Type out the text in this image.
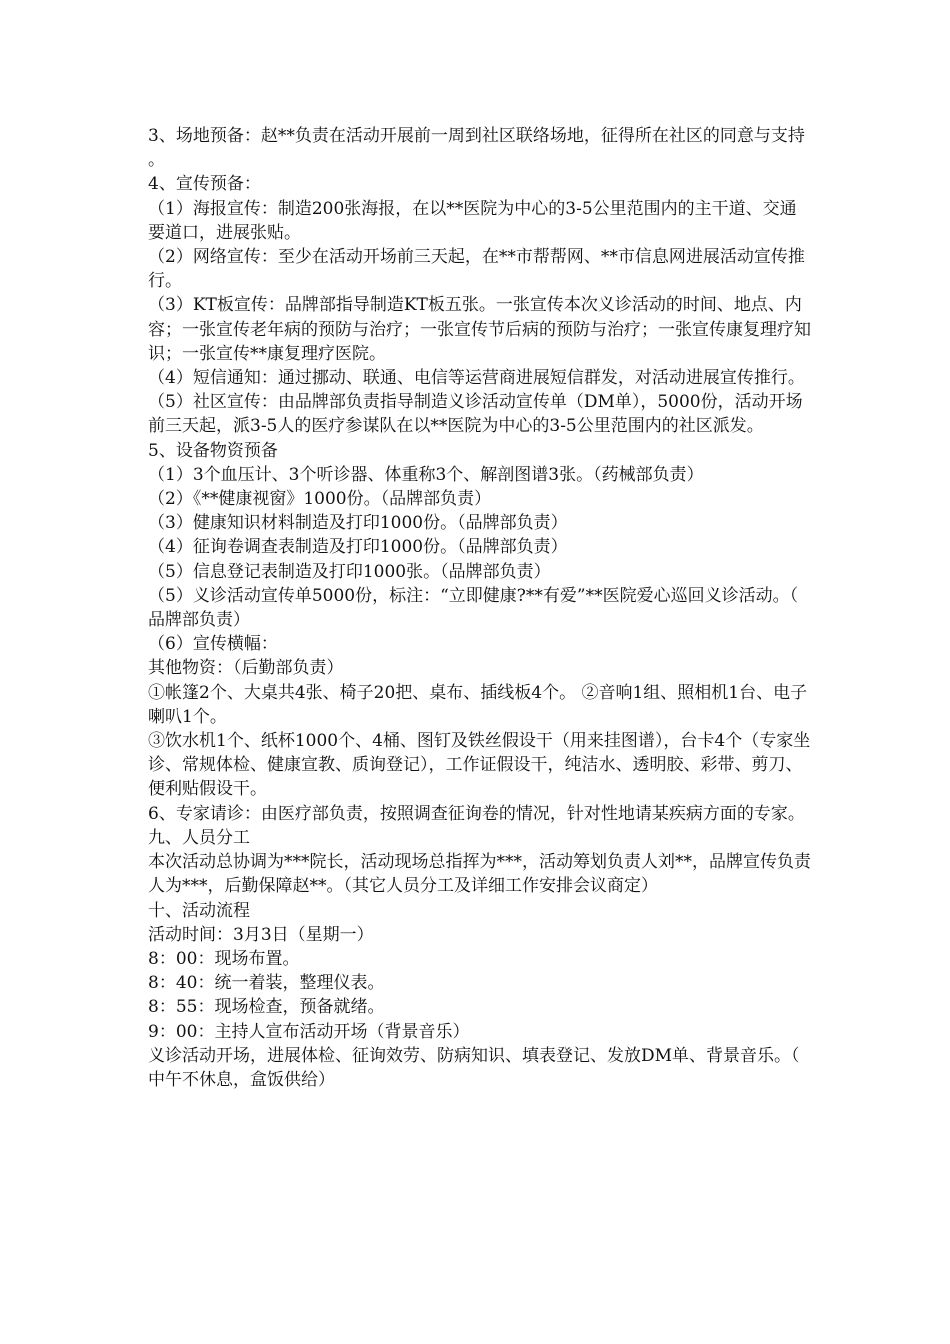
3、场地预备：赵**负责在活动开展前一周到社区联络场地，征得所在社区的同意与支持。

4、宣传预备：

（1）海报宣传：制造200张海报，在以**医院为中心的3-5公里范围内的主干道、交通要道口，进展张贴。

（2）网络宣传：至少在活动开场前三天起，在**市帮帮网、**市信息网进展活动宣传推行。

（3）KT板宣传：品牌部指导制造KT板五张。一张宣传本次义诊活动的时间、地点、内容；一张宣传老年病的预防与治疗；一张宣传节后病的预防与治疗；一张宣传康复理疗知识；一张宣传**康复理疗医院。

（4）短信通知：通过挪动、联通、电信等运营商进展短信群发，对活动进展宣传推行。

（5）社区宣传：由品牌部负责指导制造义诊活动宣传单（DM单），5000份，活动开场前三天起，派3-5人的医疗参谋队在以**医院为中心的3-5公里范围内的社区派发。

5、设备物资预备

（1）3个血压计、3个听诊器、体重称3个、解剖图谱3张。（药械部负责）

（2）《**健康视窗》1000份。（品牌部负责）

（3）健康知识材料制造及打印1000份。（品牌部负责）

（4）征询卷调查表制造及打印1000份。（品牌部负责）

（5）信息登记表制造及打印1000张。（品牌部负责）

（5）义诊活动宣传单5000份，标注：“立即健康?**有爱”**医院爱心巡回义诊活动。（品牌部负责）

（6）宣传横幅：

其他物资：（后勤部负责）

①帐篷2个、大桌共4张、椅子20把、桌布、插线板4个。 ②音响1组、照相机1台、电子喇叭1个。

③饮水机1个、纸杯1000个、4桶、图钉及铁丝假设干（用来挂图谱），台卡4个（专家坐诊、常规体检、健康宣教、质询登记），工作证假设干，纯洁水、透明胶、彩带、剪刀、便利贴假设干。

6、专家请诊：由医疗部负责，按照调查征询卷的情况，针对性地请某疾病方面的专家。

九、人员分工

本次活动总协调为***院长，活动现场总指挥为***，活动筹划负责人刘**，品牌宣传负责人为***，后勤保障赵**。（其它人员分工及详细工作安排会议商定）

十、活动流程

活动时间：3月3日（星期一）

8：00：现场布置。

8：40：统一着装，整理仪表。

8：55：现场检查，预备就绪。

9：00：主持人宣布活动开场（背景音乐）

义诊活动开场，进展体检、征询效劳、防病知识、填表登记、发放DM单、背景音乐。（中午不休息，盒饭供给）
